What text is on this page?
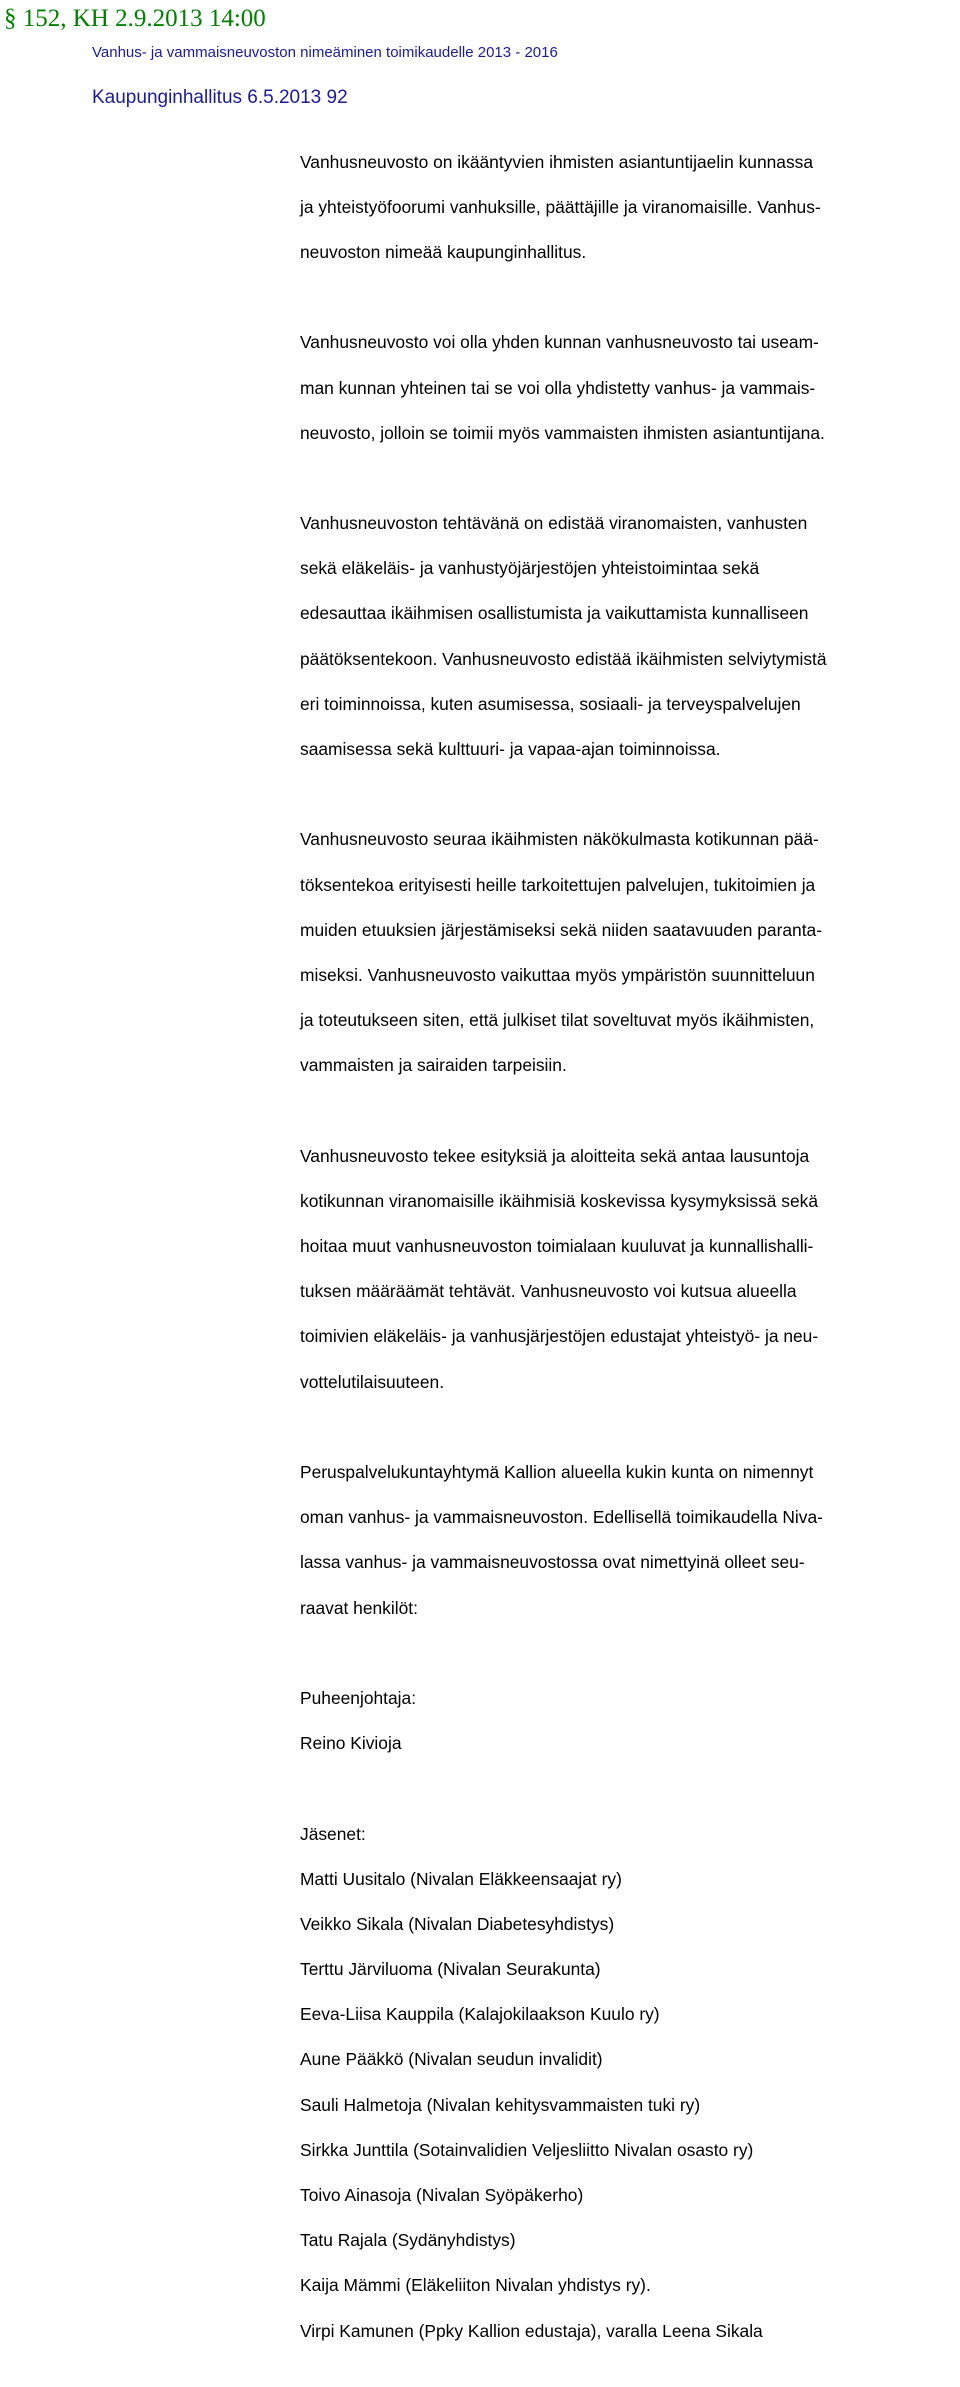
§ 152, KH 2.9.2013 14:00
Vanhus- ja vammaisneuvoston nimeäminen toimikaudelle 2013 - 2016
Kaupunginhallitus 6.5.2013 92

Vanhusneuvosto on ikääntyvien ihmisten asiantuntijaelin kunnassa

ja yhteistyöfoorumi vanhuksille, päättäjille ja viranomaisille. Vanhus-

neuvoston nimeää kaupunginhallitus.

Vanhusneuvosto voi olla yhden kunnan vanhusneuvosto tai useam-

man kunnan yhteinen tai se voi olla yhdistetty vanhus- ja vammais-

neuvosto, jolloin se toimii myös vammaisten ihmisten asiantuntijana.

Vanhusneuvoston tehtävänä on edistää viranomaisten, vanhusten

sekä eläkeläis- ja vanhustyöjärjestöjen yhteistoimintaa sekä

edesauttaa ikäihmisen osallistumista ja vaikuttamista kunnalliseen

päätöksentekoon. Vanhusneuvosto edistää ikäihmisten selviytymistä

eri toiminnoissa, kuten asumisessa, sosiaali- ja terveyspalvelujen

saamisessa sekä kulttuuri- ja vapaa-ajan toiminnoissa.

Vanhusneuvosto seuraa ikäihmisten näkökulmasta kotikunnan pää-

töksentekoa erityisesti heille tarkoitettujen palvelujen, tukitoimien ja

muiden etuuksien järjestämiseksi sekä niiden saatavuuden paranta-

miseksi. Vanhusneuvosto vaikuttaa myös ympäristön suunnitteluun

ja toteutukseen siten, että julkiset tilat soveltuvat myös ikäihmisten,

vammaisten ja sairaiden tarpeisiin.

Vanhusneuvosto tekee esityksiä ja aloitteita sekä antaa lausuntoja

kotikunnan viranomaisille ikäihmisiä koskevissa kysymyksissä sekä

hoitaa muut vanhusneuvoston toimialaan kuuluvat ja kunnallishalli-

tuksen määräämät tehtävät. Vanhusneuvosto voi kutsua alueella

toimivien eläkeläis- ja vanhusjärjestöjen edustajat yhteistyö- ja neu-

vottelutilaisuuteen.

Peruspalvelukuntayhtymä Kallion alueella kukin kunta on nimennyt

oman vanhus- ja vammaisneuvoston. Edellisellä toimikaudella Niva-

lassa vanhus- ja vammaisneuvostossa ovat nimettyinä olleet seu-

raavat henkilöt:

Puheenjohtaja:

Reino Kivioja

Jäsenet:

Matti Uusitalo (Nivalan Eläkkeensaajat ry)

Veikko Sikala (Nivalan Diabetesyhdistys)

Terttu Järviluoma (Nivalan Seurakunta)

Eeva-Liisa Kauppila (Kalajokilaakson Kuulo ry)

Aune Pääkkö (Nivalan seudun invalidit)

Sauli Halmetoja (Nivalan kehitysvammaisten tuki ry)

Sirkka Junttila (Sotainvalidien Veljesliitto Nivalan osasto ry)

Toivo Ainasoja (Nivalan Syöpäkerho)

Tatu Rajala (Sydänyhdistys)

Kaija Mämmi (Eläkeliiton Nivalan yhdistys ry).

Virpi Kamunen (Ppky Kallion edustaja), varalla Leena Sikala
